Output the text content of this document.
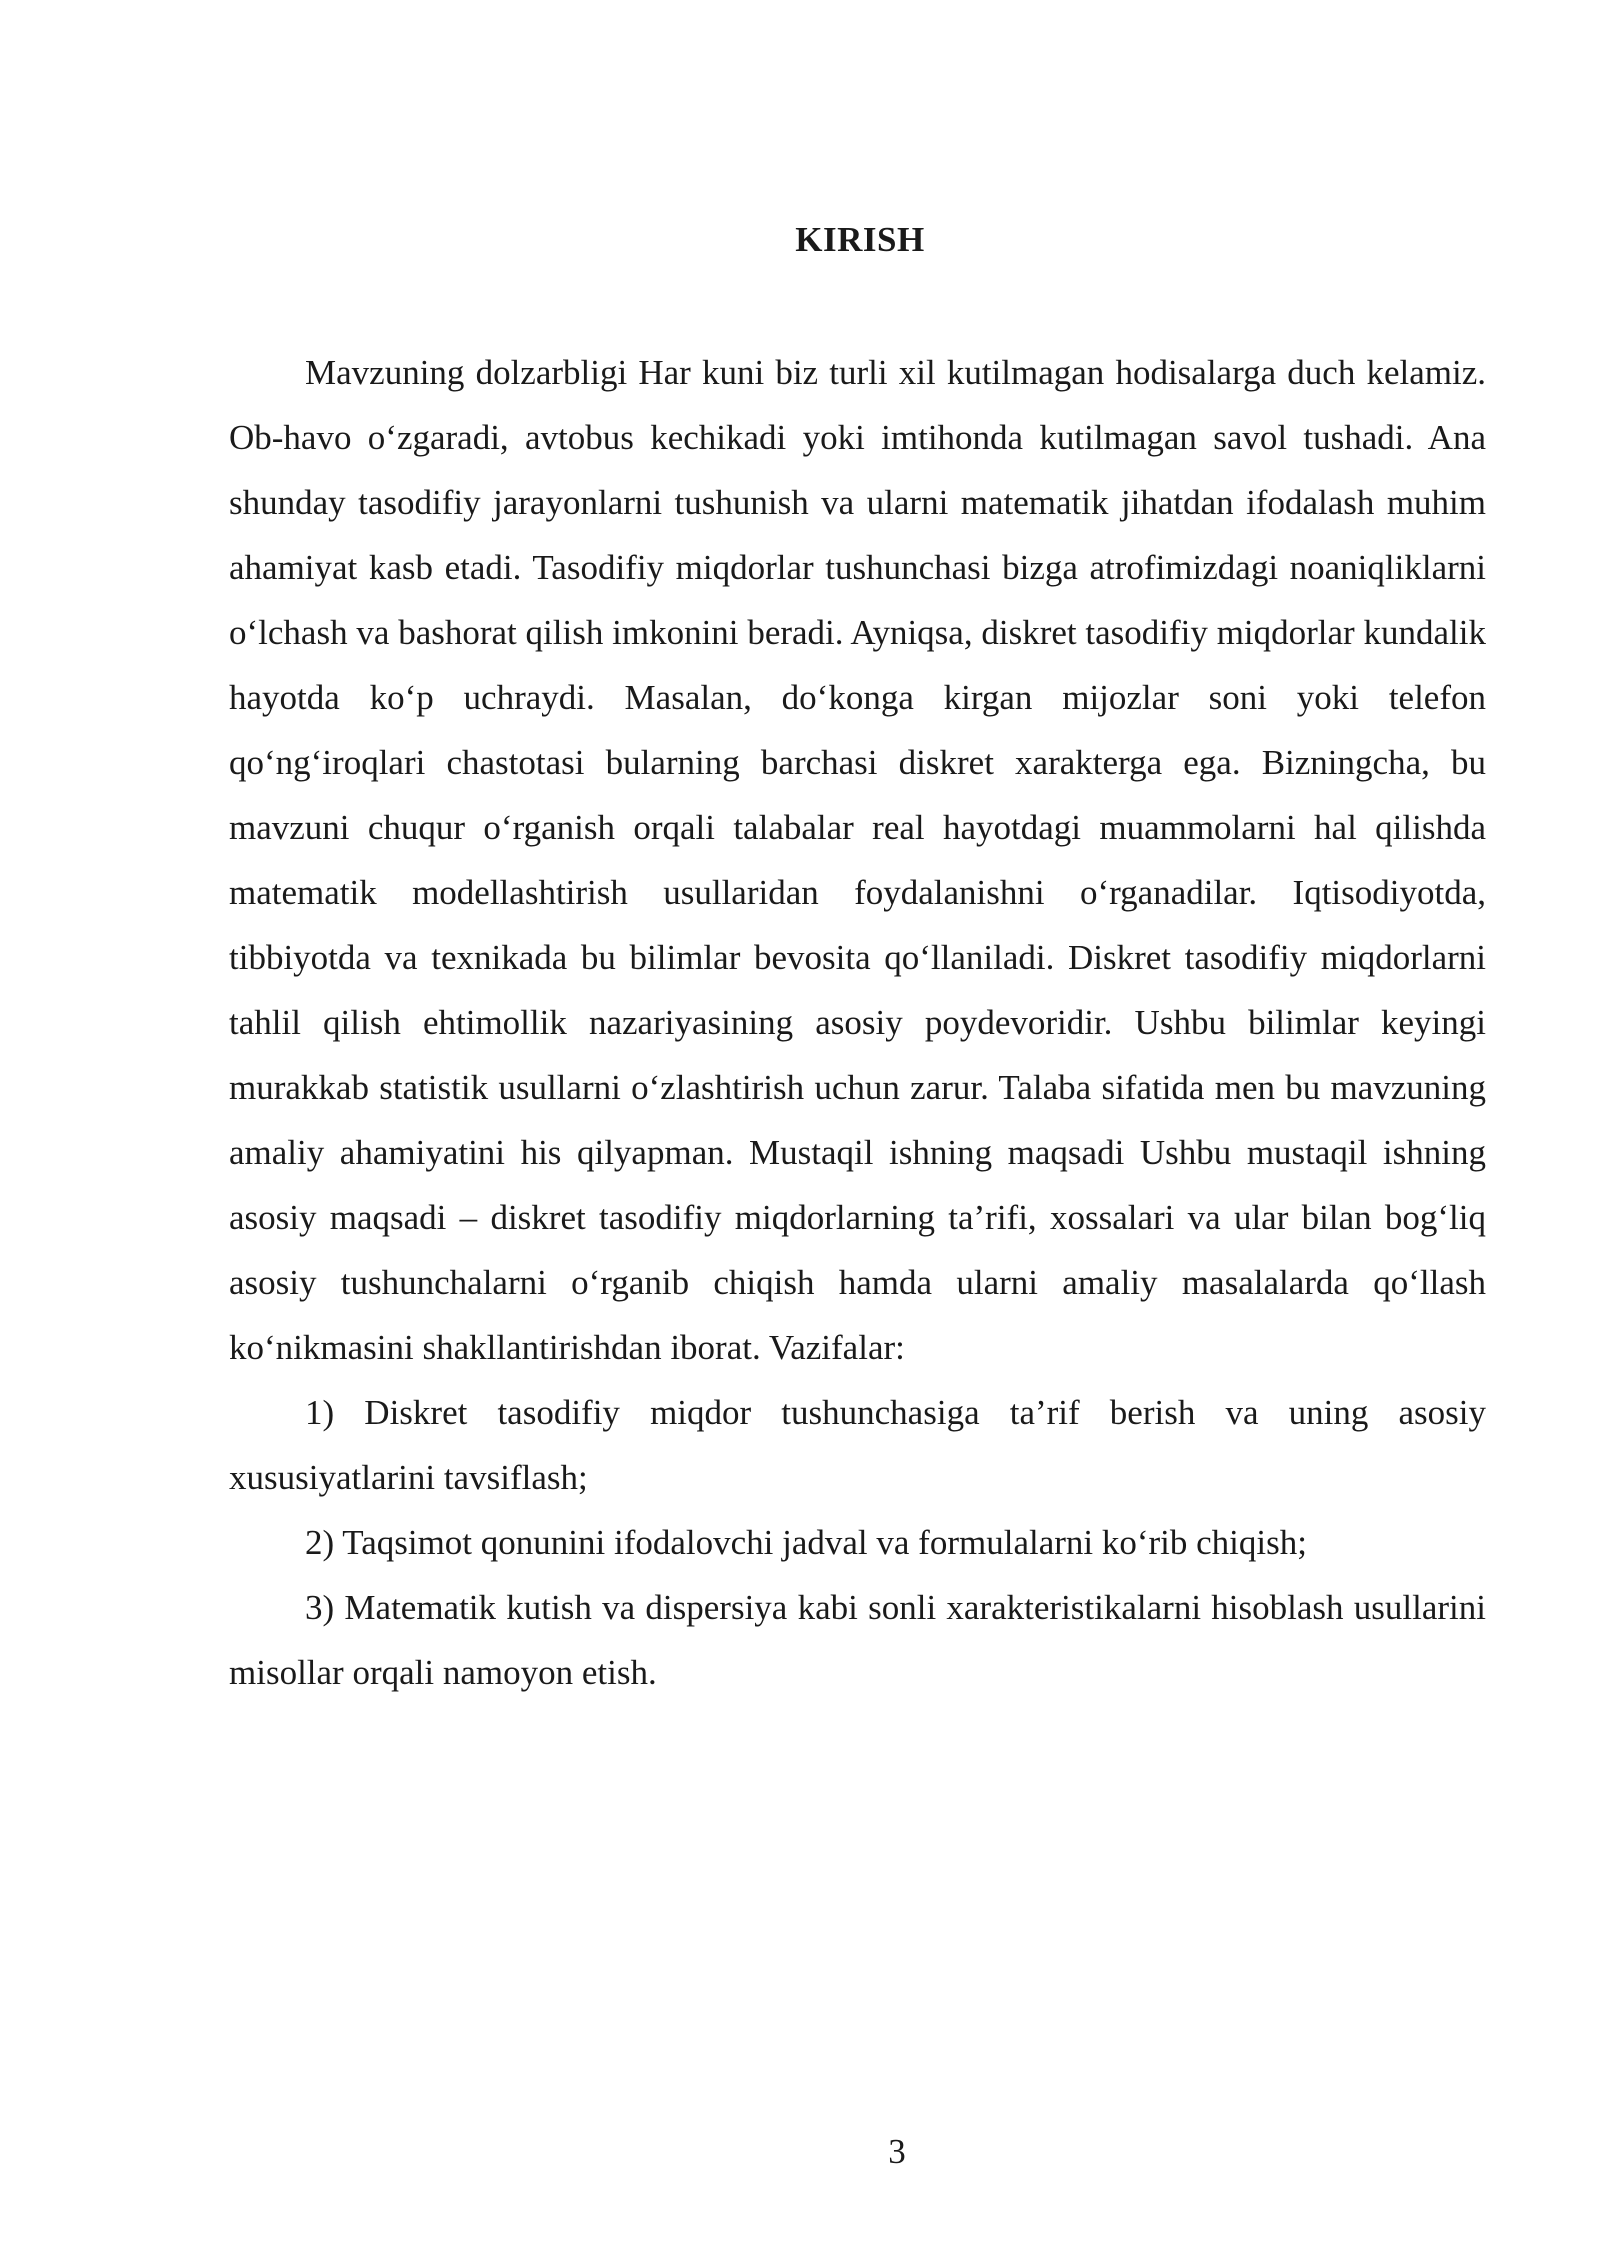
KIRISH

Mavzuning dolzarbligi Har kuni biz turli xil kutilmagan hodisalarga duch kelamiz. Ob-havo o‘zgaradi, avtobus kechikadi yoki imtihonda kutilmagan savol tushadi. Ana shunday tasodifiy jarayonlarni tushunish va ularni matematik jihatdan ifodalash muhim ahamiyat kasb etadi. Tasodifiy miqdorlar tushunchasi bizga atrofimizdagi noaniqliklarni o‘lchash va bashorat qilish imkonini beradi. Ayniqsa, diskret tasodifiy miqdorlar kundalik hayotda ko‘p uchraydi. Masalan, do‘konga kirgan mijozlar soni yoki telefon qo‘ng‘iroqlari chastotasi bularning barchasi diskret xarakterga ega. Bizningcha, bu mavzuni chuqur o‘rganish orqali talabalar real hayotdagi muammolarni hal qilishda matematik modellashtirish usullaridan foydalanishni o‘rganadilar. Iqtisodiyotda, tibbiyotda va texnikada bu bilimlar bevosita qo‘llaniladi. Diskret tasodifiy miqdorlarni tahlil qilish ehtimollik nazariyasining asosiy poydevoridir. Ushbu bilimlar keyingi murakkab statistik usullarni o‘zlashtirish uchun zarur. Talaba sifatida men bu mavzuning amaliy ahamiyatini his qilyapman. Mustaqil ishning maqsadi Ushbu mustaqil ishning asosiy maqsadi – diskret tasodifiy miqdorlarning ta’rifi, xossalari va ular bilan bog‘liq asosiy tushunchalarni o‘rganib chiqish hamda ularni amaliy masalalarda qo‘llash ko‘nikmasini shakllantirishdan iborat. Vazifalar:

1) Diskret tasodifiy miqdor tushunchasiga ta’rif berish va uning asosiy xususiyatlarini tavsiflash;

2) Taqsimot qonunini ifodalovchi jadval va formulalarni ko‘rib chiqish;

3) Matematik kutish va dispersiya kabi sonli xarakteristikalarni hisoblash usullarini misollar orqali namoyon etish.

3
